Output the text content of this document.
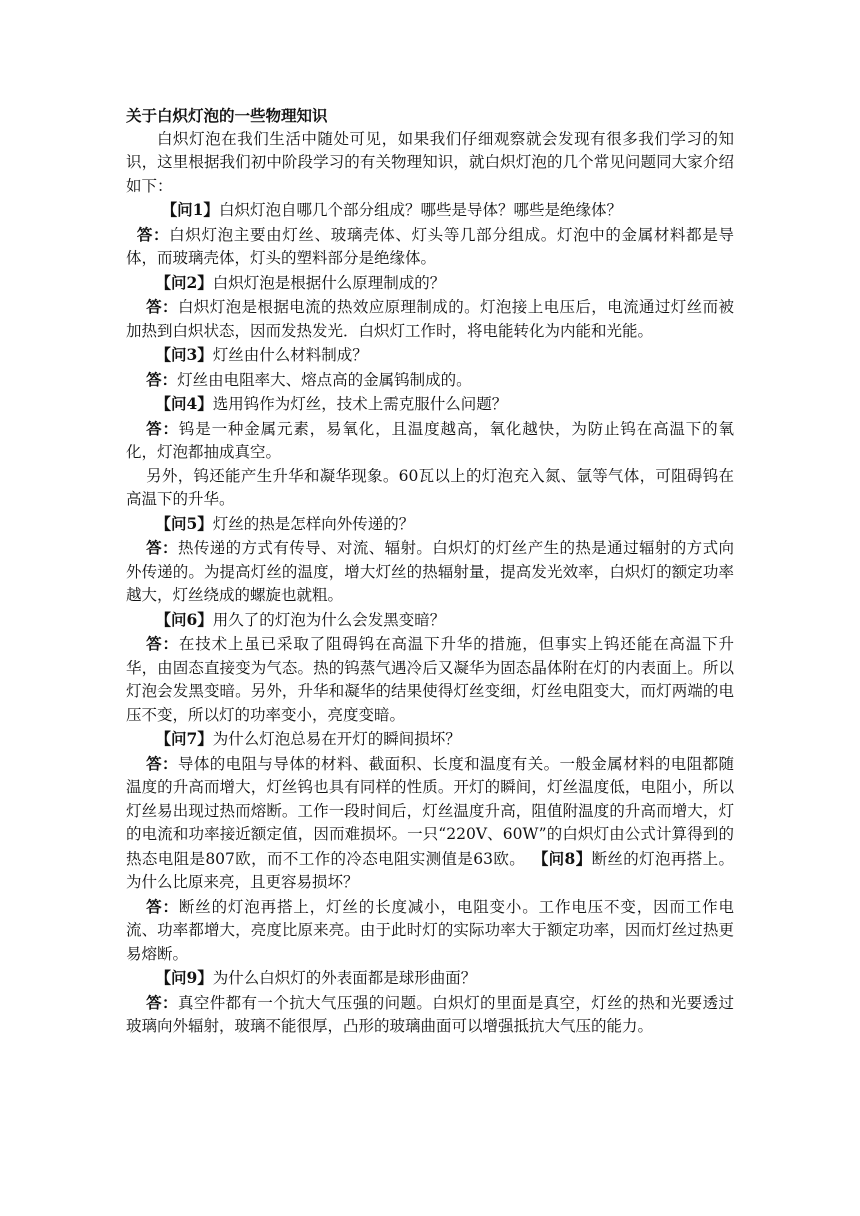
关于白炽灯泡的一些物理知识

白炽灯泡在我们生活中随处可见，如果我们仔细观察就会发现有很多我们学习的知识，这里根据我们初中阶段学习的有关物理知识，就白炽灯泡的几个常见问题同大家介绍如下：

【问1】白炽灯泡自哪几个部分组成？哪些是导体？哪些是绝缘体？

答：白炽灯泡主要由灯丝、玻璃壳体、灯头等几部分组成。灯泡中的金属材料都是导体，而玻璃壳体，灯头的塑料部分是绝缘体。

【问2】白炽灯泡是根据什么原理制成的？

答：白炽灯泡是根据电流的热效应原理制成的。灯泡接上电压后，电流通过灯丝而被加热到白炽状态，因而发热发光．白炽灯工作时，将电能转化为内能和光能。

【问3】灯丝由什么材料制成？

答：灯丝由电阻率大、熔点高的金属钨制成的。

【问4】选用钨作为灯丝，技术上需克服什么问题？

答：钨是一种金属元素，易氧化，且温度越高，氧化越快，为防止钨在高温下的氧化，灯泡都抽成真空。

另外，钨还能产生升华和凝华现象。60瓦以上的灯泡充入氮、氩等气体，可阻碍钨在高温下的升华。

【问5】灯丝的热是怎样向外传递的？

答：热传递的方式有传导、对流、辐射。白炽灯的灯丝产生的热是通过辐射的方式向外传递的。为提高灯丝的温度，增大灯丝的热辐射量，提高发光效率，白炽灯的额定功率越大，灯丝绕成的螺旋也就粗。

【问6】用久了的灯泡为什么会发黑变暗？

答：在技术上虽已采取了阻碍钨在高温下升华的措施，但事实上钨还能在高温下升华，由固态直接变为气态。热的钨蒸气遇冷后又凝华为固态晶体附在灯的内表面上。所以灯泡会发黑变暗。另外，升华和凝华的结果使得灯丝变细，灯丝电阻变大，而灯两端的电压不变，所以灯的功率变小，亮度变暗。

【问7】为什么灯泡总易在开灯的瞬间损坏？

答：导体的电阻与导体的材料、截面积、长度和温度有关。一般金属材料的电阻都随温度的升高而增大，灯丝钨也具有同样的性质。开灯的瞬间，灯丝温度低，电阻小，所以灯丝易出现过热而熔断。工作一段时间后，灯丝温度升高，阻值附温度的升高而增大，灯的电流和功率接近额定值，因而难损坏。一只“220V、60W”的白炽灯由公式计算得到的热态电阻是807欧，而不工作的冷态电阻实测值是63欧。 【问8】断丝的灯泡再搭上。为什么比原来亮，且更容易损坏？

答：断丝的灯泡再搭上，灯丝的长度减小，电阻变小。工作电压不变，因而工作电流、功率都增大，亮度比原来亮。由于此时灯的实际功率大于额定功率，因而灯丝过热更易熔断。

【问9】为什么白炽灯的外表面都是球形曲面？

答：真空件都有一个抗大气压强的问题。白炽灯的里面是真空，灯丝的热和光要透过玻璃向外辐射，玻璃不能很厚，凸形的玻璃曲面可以增强抵抗大气压的能力。
